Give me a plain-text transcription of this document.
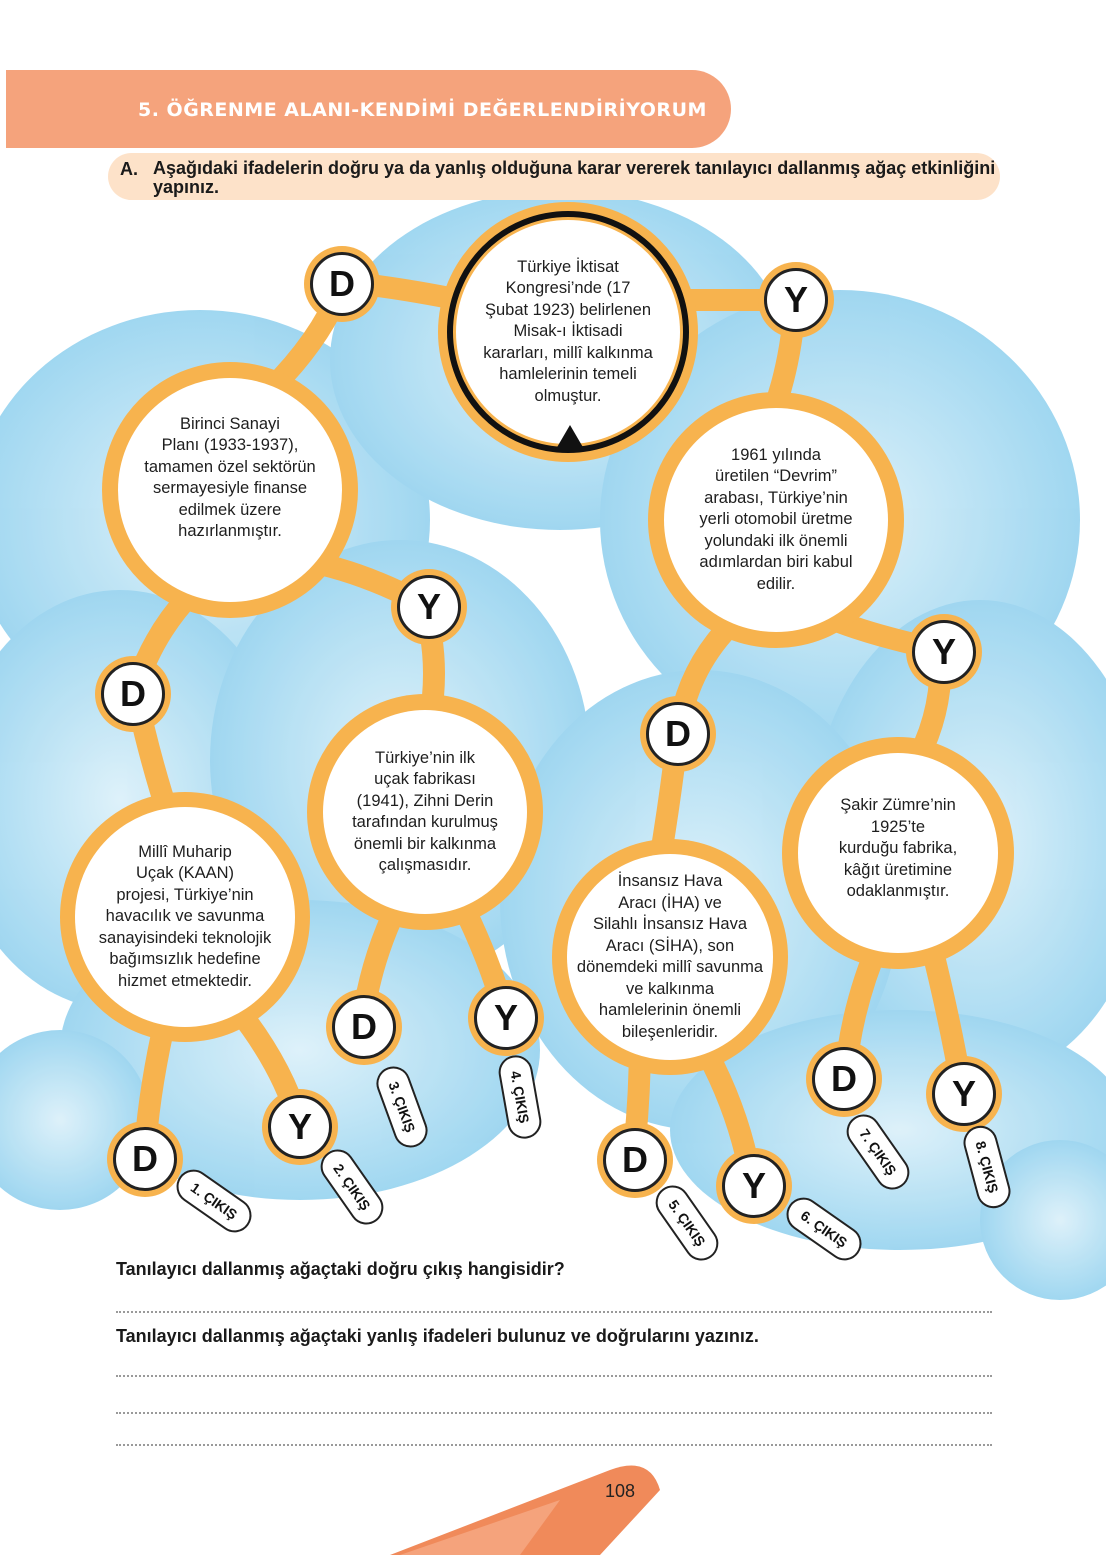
5. ÖĞRENME ALANI-KENDİMİ DEĞERLENDİRİYORUM
A. Aşağıdaki ifadelerin doğru ya da yanlış olduğuna karar vererek tanılayıcı dallanmış ağaç etkinliğini yapınız.
Türkiye İktisat
Kongresi’nde (17
Şubat 1923) belirlenen
Misak-ı İktisadi
kararları, millî kalkınma
hamlelerinin temeli
olmuştur.
Birinci Sanayi
Planı (1933-1937),
tamamen özel sektörün
sermayesiyle finanse
edilmek üzere
hazırlanmıştır.
1961 yılında
üretilen “Devrim”
arabası, Türkiye’nin
yerli otomobil üretme
yolundaki ilk önemli
adımlardan biri kabul
edilir.
Millî Muharip
Uçak (KAAN)
projesi, Türkiye’nin
havacılık ve savunma
sanayisindeki teknolojik
bağımsızlık hedefine
hizmet etmektedir.
Türkiye’nin ilk
uçak fabrikası
(1941), Zihni Derin
tarafından kurulmuş
önemli bir kalkınma
çalışmasıdır.
İnsansız Hava
Aracı (İHA) ve
Silahlı İnsansız Hava
Aracı (SİHA), son
dönemdeki millî savunma
ve kalkınma
hamlelerinin önemli
bileşenleridir.
Şakir Zümre’nin
1925’te
kurduğu fabrika,
kâğıt üretimine
odaklanmıştır.
D	Y
D
Y
D
Y
D
Y
D	Y
D
Y
D	Y
1. ÇIKIŞ	2. ÇIKIŞ
3. ÇIKIŞ	4. ÇIKIŞ
5. ÇIKIŞ	6. ÇIKIŞ
7. ÇIKIŞ	8. ÇIKIŞ
Tanılayıcı dallanmış ağaçtaki doğru çıkış hangisidir?
Tanılayıcı dallanmış ağaçtaki yanlış ifadeleri bulunuz ve doğrularını yazınız.
108
